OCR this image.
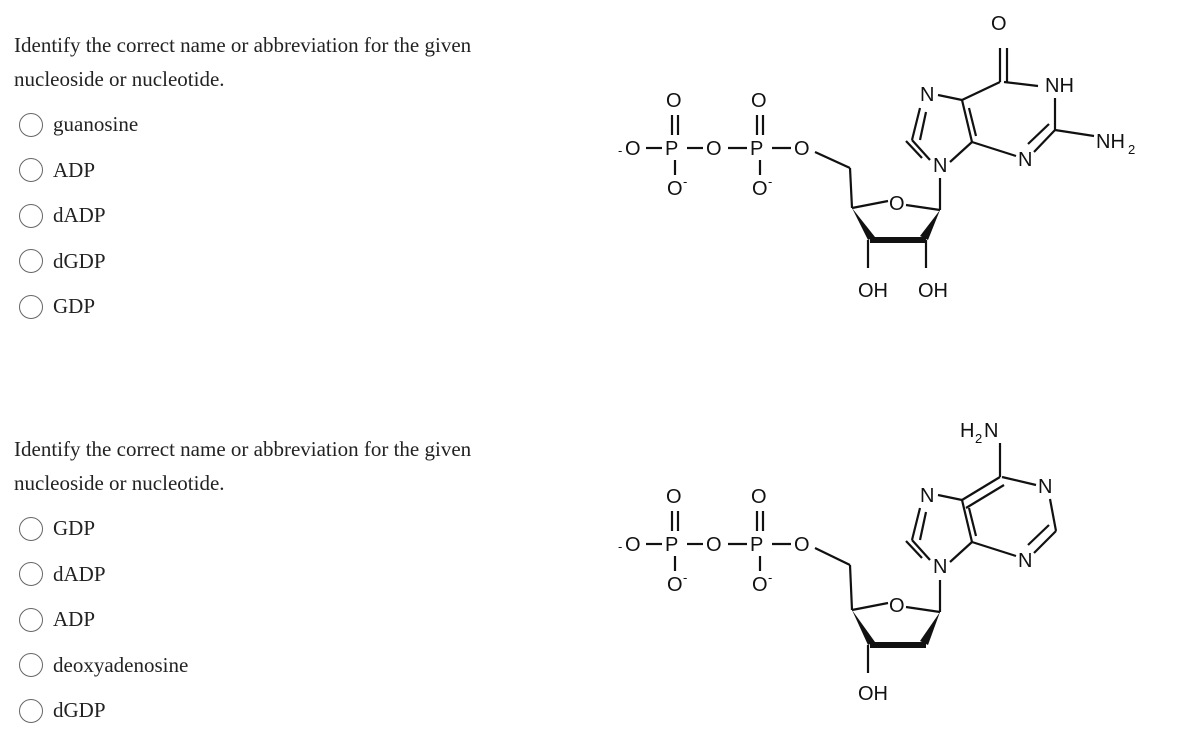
Identify the correct name or abbreviation for the given
nucleoside or nucleotide.

guanosine
ADP
dADP
dGDP
GDP
- O P
O
O -
O P
O
O -
O
O
OH OH
N
N
O
NH
N
NH 2

Identify the correct name or abbreviation for the given
nucleoside or nucleotide.

GDP
dADP
ADP
deoxyadenosine
dGDP
- O P
O
O -
O P
O
O -
O
O
OH
N
N
H 2 N
N
N
